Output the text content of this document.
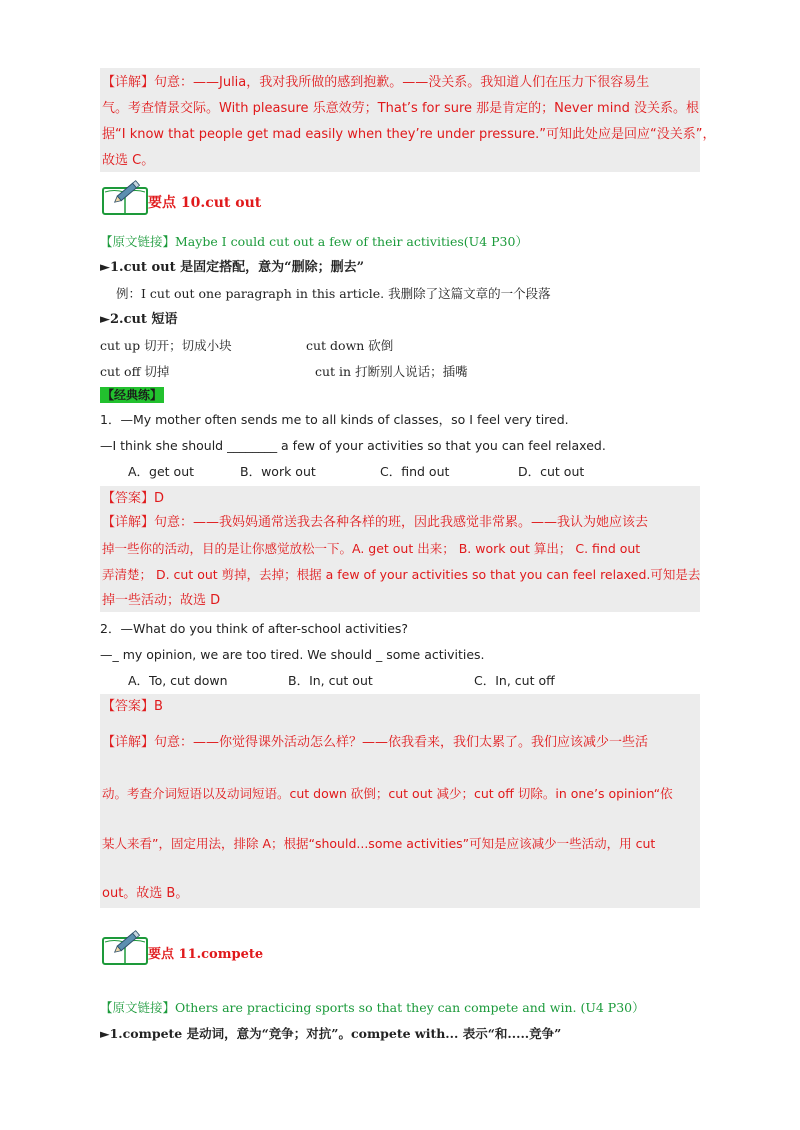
【详解】句意：——Julia，我对我所做的感到抱歉。——没关系。我知道人们在压力下很容易生
气。考查情景交际。With pleasure 乐意效劳；That’s for sure 那是肯定的；Never mind 没关系。根
据“I know that people get mad easily when they’re under pressure.”可知此处应是回应“没关系”，
故选 C。
要点 10.cut out
【原文链接】Maybe I could cut out a few of their activities(U4 P30）
►1.cut out 是固定搭配，意为“删除；删去”
例：I cut out one paragraph in this article. 我删除了这篇文章的一个段落
►2.cut 短语
cut up 切开；切成小块	cut down 砍倒
cut off 切掉	cut in 打断别人说话；插嘴
【经典练】
1．—My mother often sends me to all kinds of classes，so I feel very tired.
—I think she should ________ a few of your activities so that you can feel relaxed.
A．get out	B．work out	C．find out	D．cut out
【答案】D
【详解】句意：——我妈妈通常送我去各种各样的班，因此我感觉非常累。——我认为她应该去
掉一些你的活动，目的是让你感觉放松一下。A. get out 出来； B. work out 算出； C. find out
弄清楚； D. cut out 剪掉，去掉；根据 a few of your activities so that you can feel relaxed.可知是去
掉一些活动；故选 D
2．—What do you think of after-school activities?
—_ my opinion, we are too tired. We should _ some activities.
A．To, cut down	B．In, cut out	C．In, cut off
【答案】B
【详解】句意：——你觉得课外活动怎么样？——依我看来，我们太累了。我们应该减少一些活
动。考查介词短语以及动词短语。cut down 砍倒；cut out 减少；cut off 切除。in one’s opinion“依
某人来看”，固定用法，排除 A；根据“should...some activities”可知是应该减少一些活动，用 cut
out。故选 B。
要点 11.compete
【原文链接】Others are practicing sports so that they can compete and win. (U4 P30）
►1.compete 是动词，意为“竞争；对抗”。compete with... 表示“和.....竞争”
